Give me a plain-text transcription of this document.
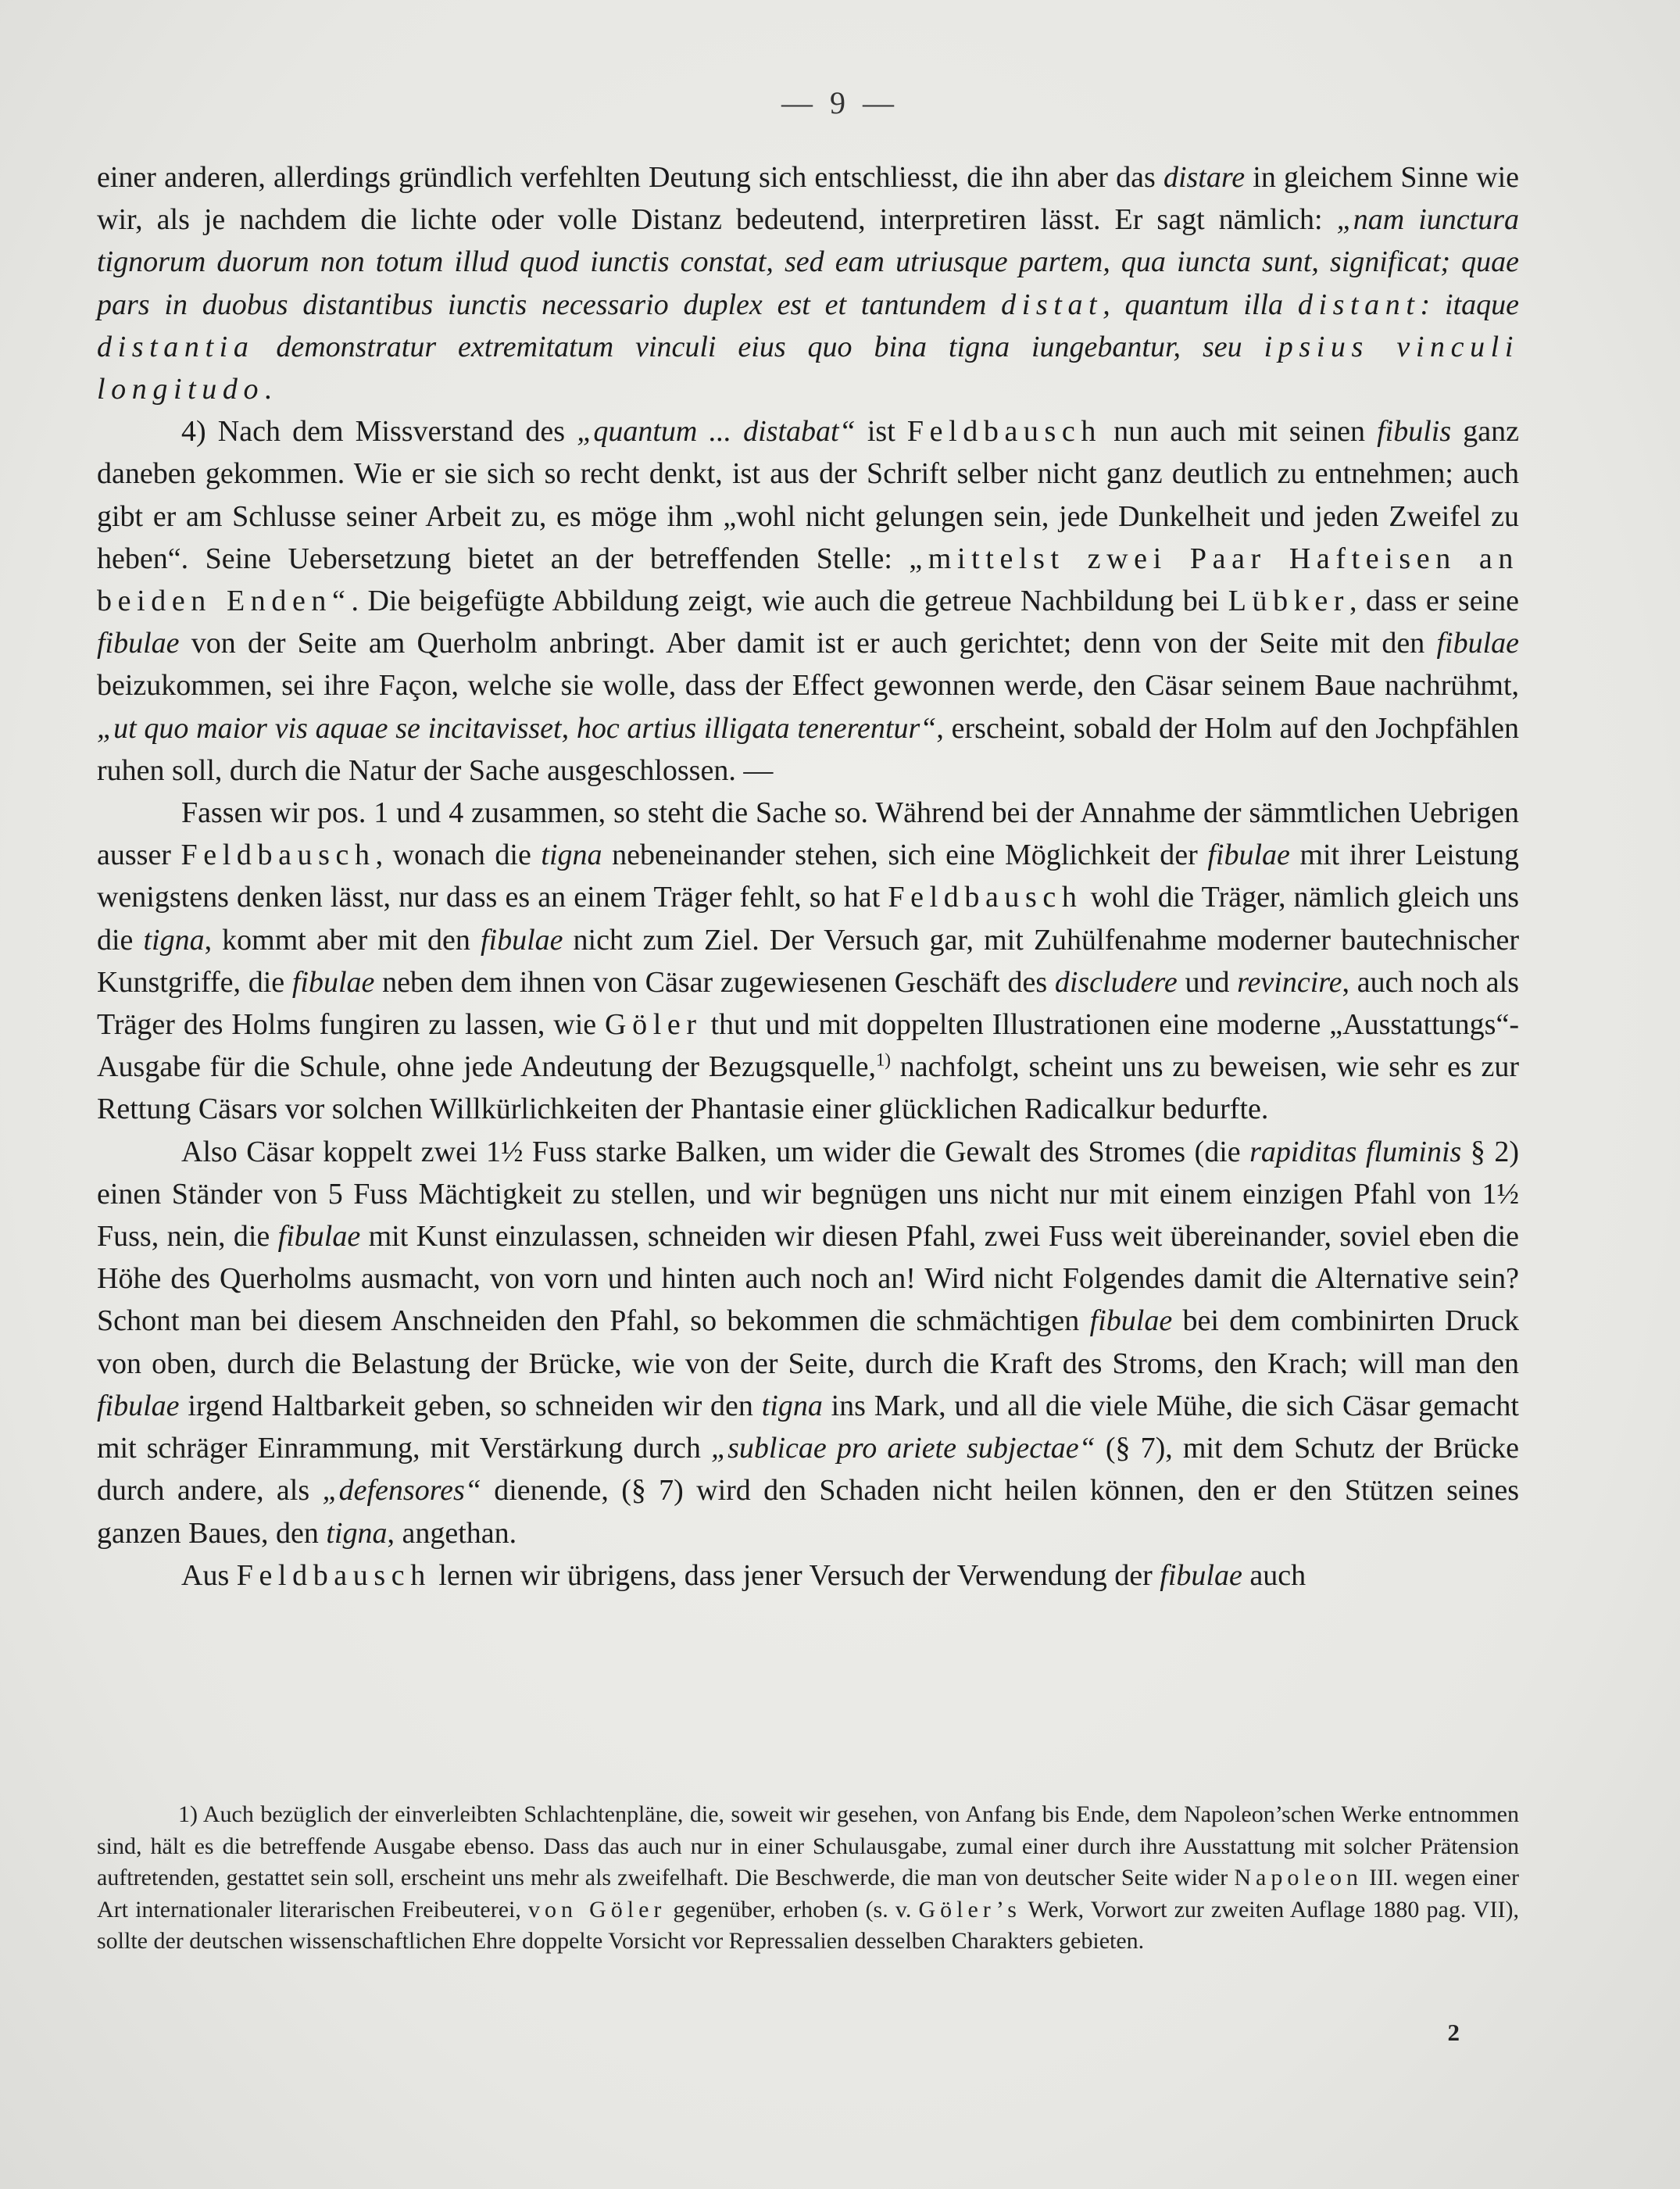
— 9 —

einer anderen, allerdings gründlich verfehlten Deutung sich entschliesst, die ihn aber das distare in gleichem Sinne wie wir, als je nachdem die lichte oder volle Distanz bedeutend, interpretiren lässt. Er sagt nämlich: „nam iunctura tignorum duorum non totum illud quod iunctis constat, sed eam utriusque partem, qua iuncta sunt, significat; quae pars in duobus distantibus iunctis necessario duplex est et tantundem distat, quantum illa distant: itaque distantia demonstratur extremitatum vinculi eius quo bina tigna iungebantur, seu ipsius vinculi longitudo.

4) Nach dem Missverstand des „quantum ... distabat“ ist Feldbausch nun auch mit seinen fibulis ganz daneben gekommen. Wie er sie sich so recht denkt, ist aus der Schrift selber nicht ganz deutlich zu entnehmen; auch gibt er am Schlusse seiner Arbeit zu, es möge ihm „wohl nicht gelungen sein, jede Dunkelheit und jeden Zweifel zu heben“. Seine Uebersetzung bietet an der betreffenden Stelle: „mittelst zwei Paar Hafteisen an beiden Enden“. Die beigefügte Abbildung zeigt, wie auch die getreue Nachbildung bei Lübker, dass er seine fibulae von der Seite am Querholm anbringt. Aber damit ist er auch gerichtet; denn von der Seite mit den fibulae beizukommen, sei ihre Façon, welche sie wolle, dass der Effect gewonnen werde, den Cäsar seinem Baue nachrühmt, „ut quo maior vis aquae se incitavisset, hoc artius illigata tenerentur“, erscheint, sobald der Holm auf den Jochpfählen ruhen soll, durch die Natur der Sache ausgeschlossen. —

Fassen wir pos. 1 und 4 zusammen, so steht die Sache so. Während bei der Annahme der sämmtlichen Uebrigen ausser Feldbausch, wonach die tigna nebeneinander stehen, sich eine Möglichkeit der fibulae mit ihrer Leistung wenigstens denken lässt, nur dass es an einem Träger fehlt, so hat Feldbausch wohl die Träger, nämlich gleich uns die tigna, kommt aber mit den fibulae nicht zum Ziel. Der Versuch gar, mit Zuhülfenahme moderner bautechnischer Kunstgriffe, die fibulae neben dem ihnen von Cäsar zugewiesenen Geschäft des discludere und revincire, auch noch als Träger des Holms fungiren zu lassen, wie Göler thut und mit doppelten Illustrationen eine moderne „Ausstattungs“-Ausgabe für die Schule, ohne jede Andeutung der Bezugsquelle,$^{1)}$ nachfolgt, scheint uns zu beweisen, wie sehr es zur Rettung Cäsars vor solchen Willkürlichkeiten der Phantasie einer glücklichen Radicalkur bedurfte.

Also Cäsar koppelt zwei 1½ Fuss starke Balken, um wider die Gewalt des Stromes (die rapiditas fluminis § 2) einen Ständer von 5 Fuss Mächtigkeit zu stellen, und wir begnügen uns nicht nur mit einem einzigen Pfahl von 1½ Fuss, nein, die fibulae mit Kunst einzulassen, schneiden wir diesen Pfahl, zwei Fuss weit übereinander, soviel eben die Höhe des Querholms ausmacht, von vorn und hinten auch noch an! Wird nicht Folgendes damit die Alternative sein? Schont man bei diesem Anschneiden den Pfahl, so bekommen die schmächtigen fibulae bei dem combinirten Druck von oben, durch die Belastung der Brücke, wie von der Seite, durch die Kraft des Stroms, den Krach; will man den fibulae irgend Haltbarkeit geben, so schneiden wir den tigna ins Mark, und all die viele Mühe, die sich Cäsar gemacht mit schräger Einrammung, mit Verstärkung durch „sublicae pro ariete subjectae“ (§ 7), mit dem Schutz der Brücke durch andere, als „defensores“ dienende, (§ 7) wird den Schaden nicht heilen können, den er den Stützen seines ganzen Baues, den tigna, angethan.

Aus Feldbausch lernen wir übrigens, dass jener Versuch der Verwendung der fibulae auch

1) Auch bezüglich der einverleibten Schlachtenpläne, die, soweit wir gesehen, von Anfang bis Ende, dem Napoleon’schen Werke entnommen sind, hält es die betreffende Ausgabe ebenso. Dass das auch nur in einer Schulausgabe, zumal einer durch ihre Ausstattung mit solcher Prätension auftretenden, gestattet sein soll, erscheint uns mehr als zweifelhaft. Die Beschwerde, die man von deutscher Seite wider Napoleon III. wegen einer Art internationaler literarischen Freibeuterei, von Göler gegenüber, erhoben (s. v. Göler’s Werk, Vorwort zur zweiten Auflage 1880 pag. VII), sollte der deutschen wissenschaftlichen Ehre doppelte Vorsicht vor Repressalien desselben Charakters gebieten.

2
